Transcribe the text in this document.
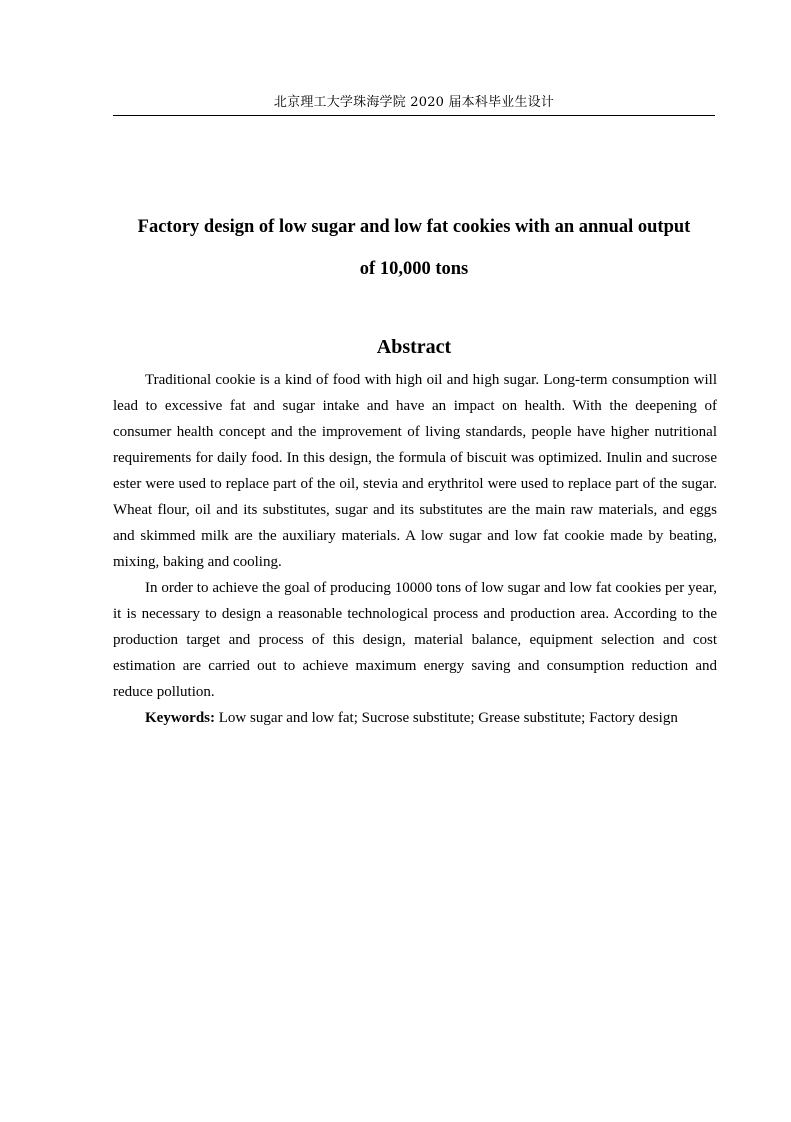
北京理工大学珠海学院 2020 届本科毕业生设计
Factory design of low sugar and low fat cookies with an annual output
of 10,000 tons
Abstract

Traditional cookie is a kind of food with high oil and high sugar. Long-term consumption will lead to excessive fat and sugar intake and have an impact on health. With the deepening of consumer health concept and the improvement of living standards, people have higher nutritional requirements for daily food. In this design, the formula of biscuit was optimized. Inulin and sucrose ester were used to replace part of the oil, stevia and erythritol were used to replace part of the sugar. Wheat flour, oil and its substitutes, sugar and its substitutes are the main raw materials, and eggs and skimmed milk are the auxiliary materials. A low sugar and low fat cookie made by beating, mixing, baking and cooling.

In order to achieve the goal of producing 10000 tons of low sugar and low fat cookies per year, it is necessary to design a reasonable technological process and production area. According to the production target and process of this design, material balance, equipment selection and cost estimation are carried out to achieve maximum energy saving and consumption reduction and reduce pollution.

Keywords: Low sugar and low fat; Sucrose substitute; Grease substitute; Factory design
